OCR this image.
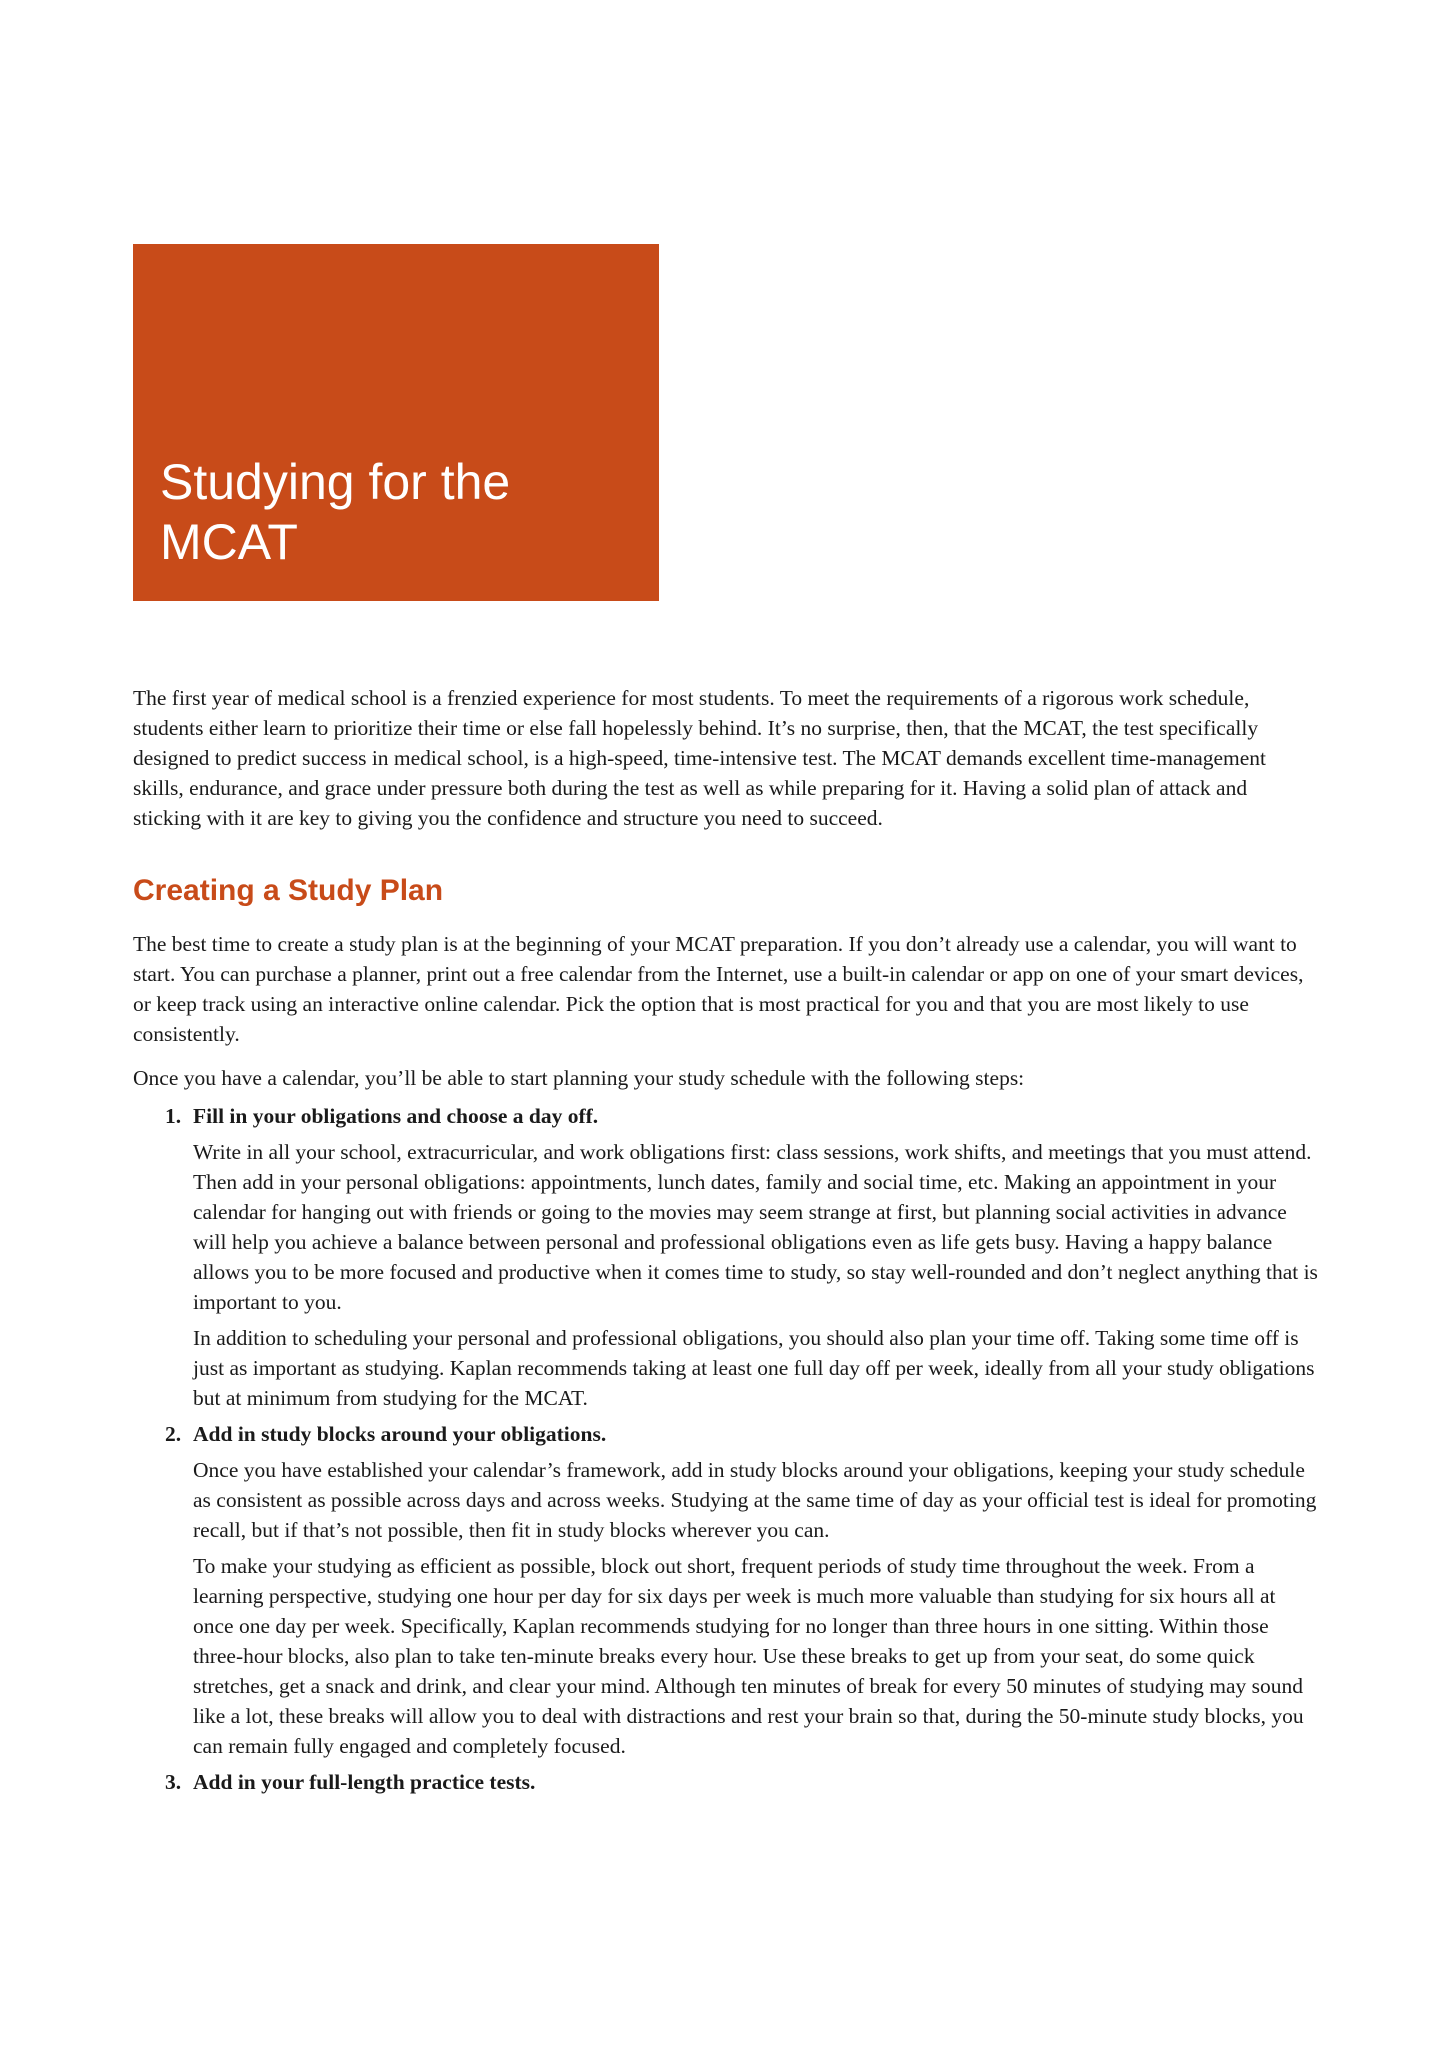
Studying for the
MCAT

The first year of medical school is a frenzied experience for most students. To meet the requirements of a rigorous work schedule, students either learn to prioritize their time or else fall hopelessly behind. It’s no surprise, then, that the MCAT, the test specifically designed to predict success in medical school, is a high-speed, time-intensive test. The MCAT demands excellent time-management skills, endurance, and grace under pressure both during the test as well as while preparing for it. Having a solid plan of attack and sticking with it are key to giving you the confidence and structure you need to succeed.

Creating a Study Plan

The best time to create a study plan is at the beginning of your MCAT preparation. If you don’t already use a calendar, you will want to start. You can purchase a planner, print out a free calendar from the Internet, use a built-in calendar or app on one of your smart devices, or keep track using an interactive online calendar. Pick the option that is most practical for you and that you are most likely to use consistently.

Once you have a calendar, you’ll be able to start planning your study schedule with the following steps:

1. Fill in your obligations and choose a day off.

Write in all your school, extracurricular, and work obligations first: class sessions, work shifts, and meetings that you must attend. Then add in your personal obligations: appointments, lunch dates, family and social time, etc. Making an appointment in your calendar for hanging out with friends or going to the movies may seem strange at first, but planning social activities in advance will help you achieve a balance between personal and professional obligations even as life gets busy. Having a happy balance allows you to be more focused and productive when it comes time to study, so stay well-rounded and don’t neglect anything that is important to you.

In addition to scheduling your personal and professional obligations, you should also plan your time off. Taking some time off is just as important as studying. Kaplan recommends taking at least one full day off per week, ideally from all your study obligations but at minimum from studying for the MCAT.

2. Add in study blocks around your obligations.

Once you have established your calendar’s framework, add in study blocks around your obligations, keeping your study schedule as consistent as possible across days and across weeks. Studying at the same time of day as your official test is ideal for promoting recall, but if that’s not possible, then fit in study blocks wherever you can.

To make your studying as efficient as possible, block out short, frequent periods of study time throughout the week. From a learning perspective, studying one hour per day for six days per week is much more valuable than studying for six hours all at once one day per week. Specifically, Kaplan recommends studying for no longer than three hours in one sitting. Within those three-hour blocks, also plan to take ten-minute breaks every hour. Use these breaks to get up from your seat, do some quick stretches, get a snack and drink, and clear your mind. Although ten minutes of break for every 50 minutes of studying may sound like a lot, these breaks will allow you to deal with distractions and rest your brain so that, during the 50-minute study blocks, you can remain fully engaged and completely focused.

3. Add in your full-length practice tests.
